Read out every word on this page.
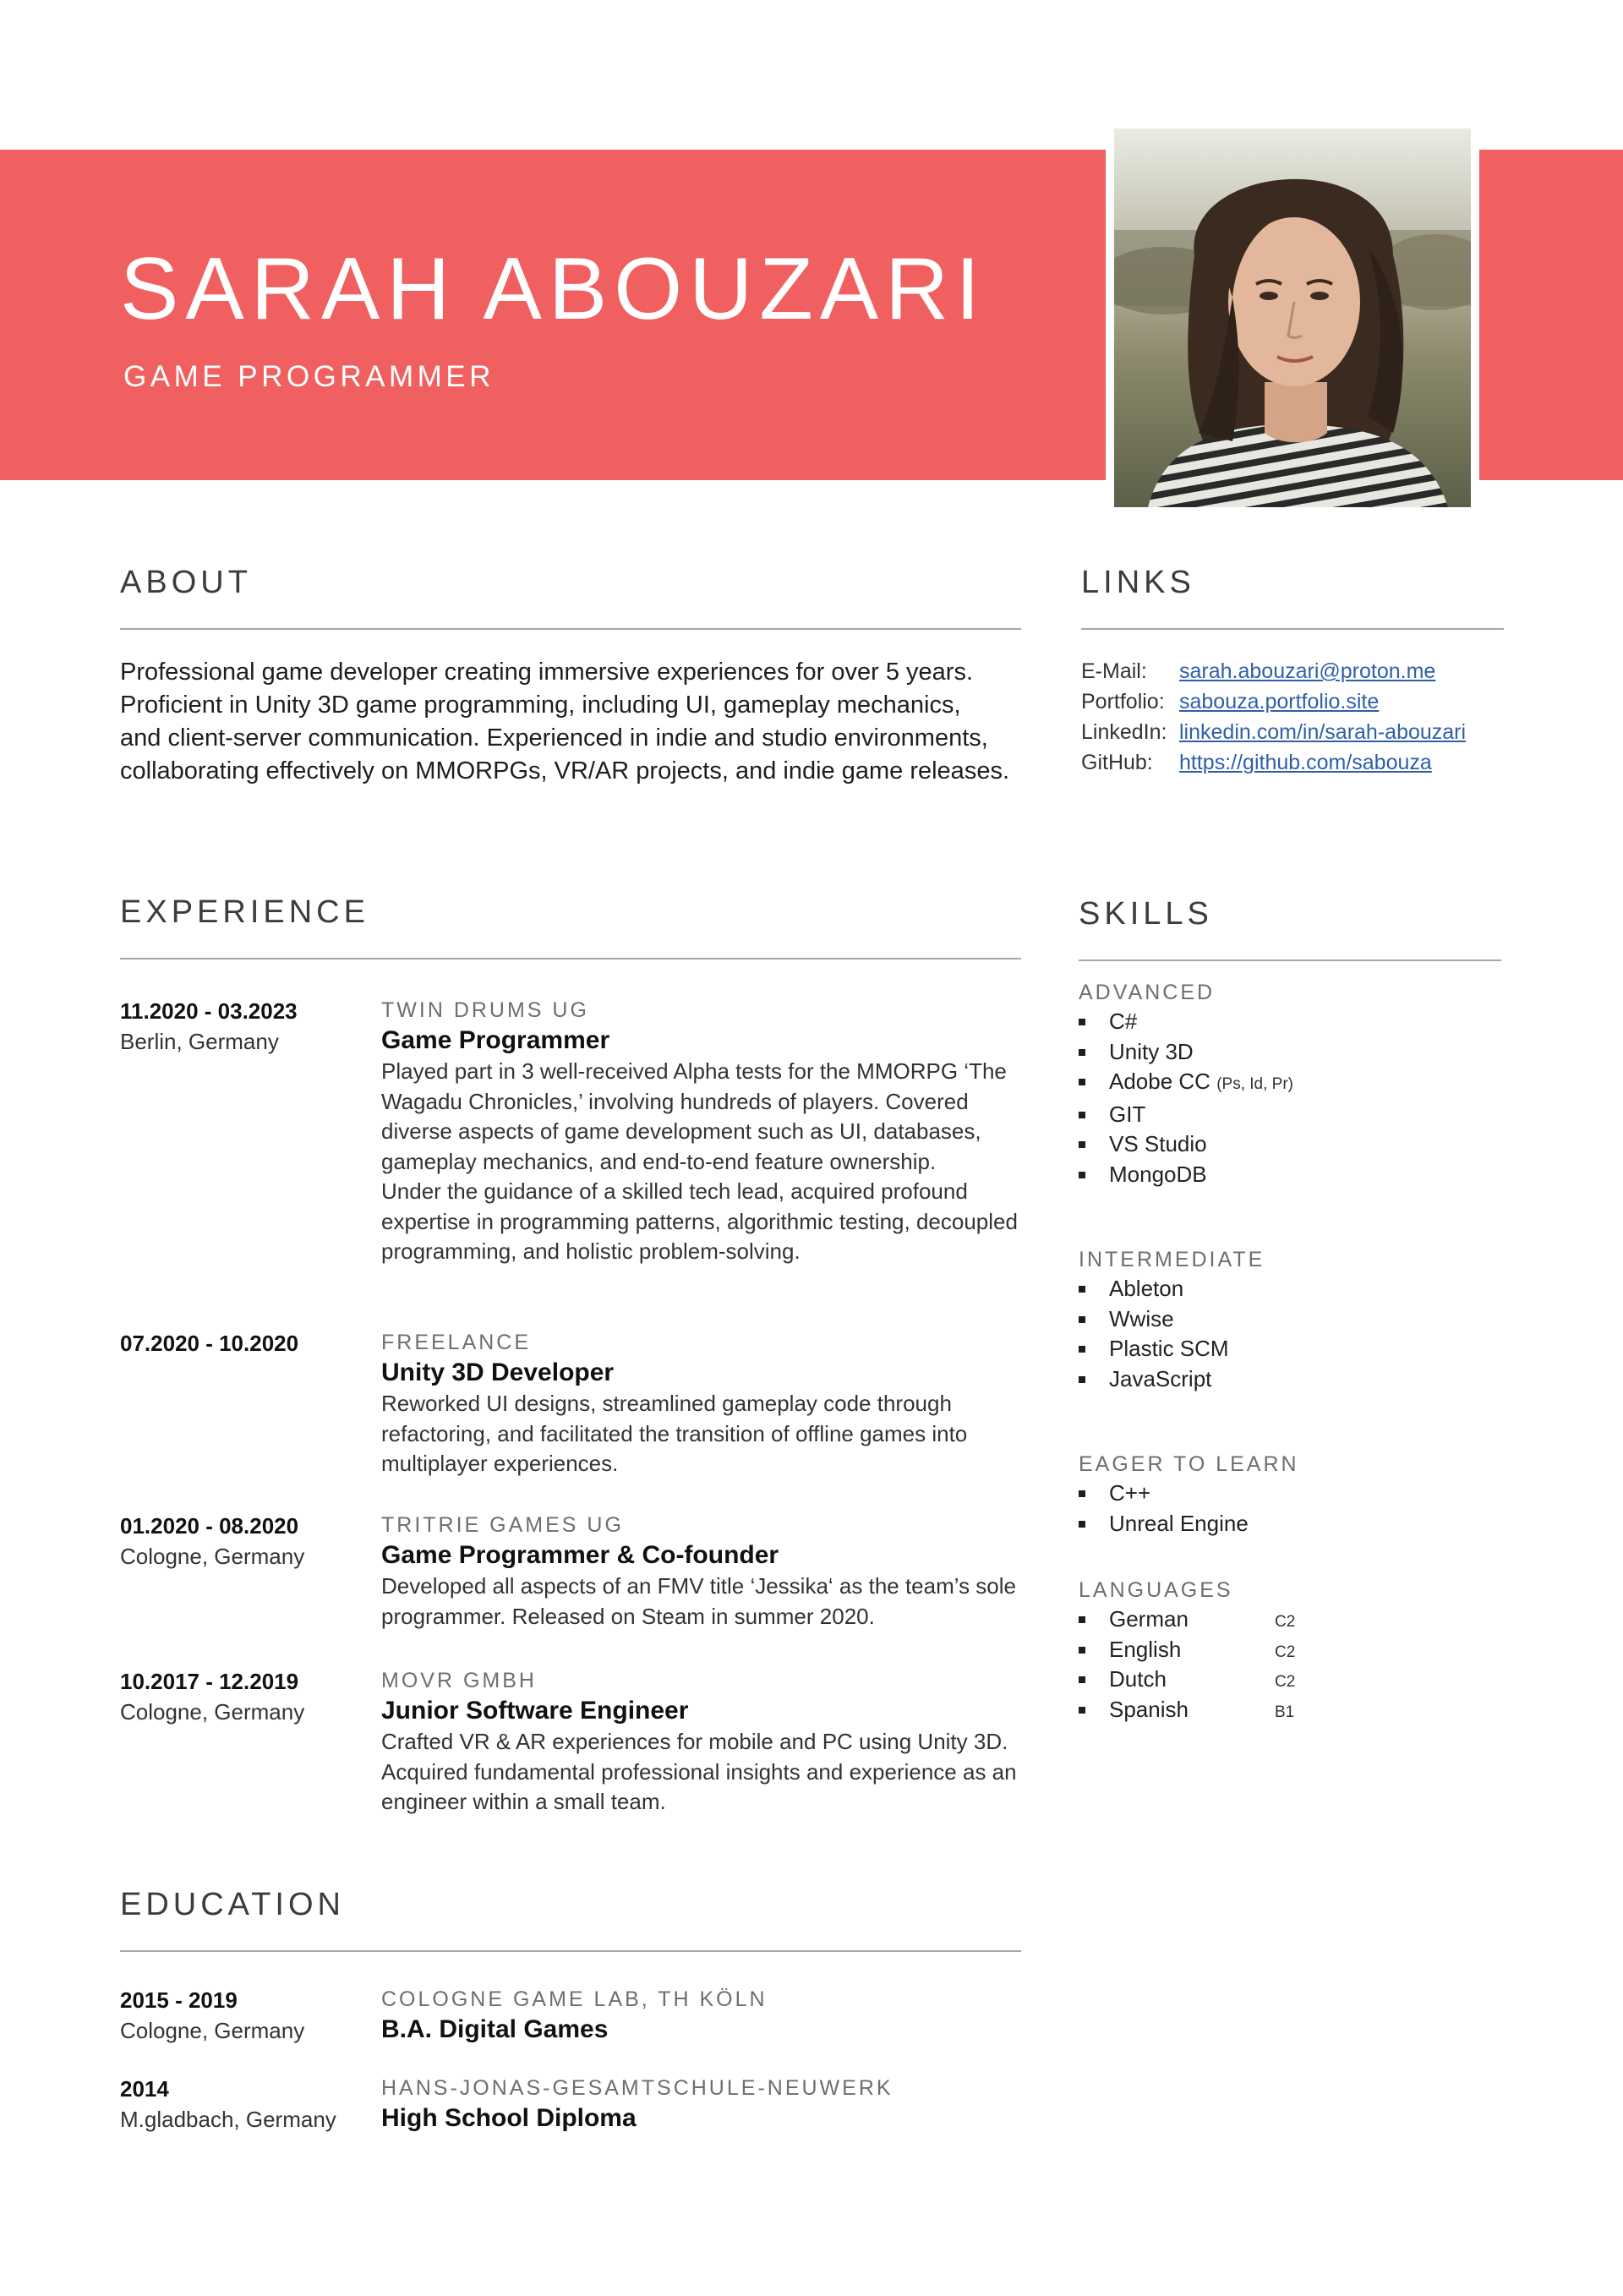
SARAH ABOUZARI
GAME PROGRAMMER
ABOUT
Professional game developer creating immersive experiences for over 5 years.
Proficient in Unity 3D game programming, including UI, gameplay mechanics,
and client-server communication. Experienced in indie and studio environments,
collaborating effectively on MMORPGs, VR/AR projects, and indie game releases.
LINKS
E-Mail:	sarah.abouzari@proton.me
Portfolio: sabouza.portfolio.site
LinkedIn: linkedin.com/in/sarah-abouzari
GitHub:	https://github.com/sabouza
EXPERIENCE
11.2020 - 03.2023
Berlin, Germany
TWIN DRUMS UG
Game Programmer

Played part in 3 well-received Alpha tests for the MMORPG ‘The Wagadu Chronicles,’ involving hundreds of players. Covered diverse aspects of game development such as UI, databases, gameplay mechanics, and end-to-end feature ownership.

Under the guidance of a skilled tech lead, acquired profound expertise in programming patterns, algorithmic testing, decoupled programming, and holistic problem-solving.

07.2020 - 10.2020	FREELANCE
Unity 3D Developer

Reworked UI designs, streamlined gameplay code through refactoring, and facilitated the transition of offline games into multiplayer experiences.

01.2020 - 08.2020
Cologne, Germany
TRITRIE GAMES UG
Game Programmer & Co-founder

Developed all aspects of an FMV title ‘Jessika‘ as the team’s sole programmer. Released on Steam in summer 2020.

10.2017 - 12.2019
Cologne, Germany
MOVR GMBH
Junior Software Engineer

Crafted VR & AR experiences for mobile and PC using Unity 3D. Acquired fundamental professional insights and experience as an engineer within a small team.

EDUCATION
2015 - 2019
Cologne, Germany
COLOGNE GAME LAB, TH KÖLN
B.A. Digital Games
2014
M.gladbach, Germany
HANS-JONAS-GESAMTSCHULE-NEUWERK
High School Diploma
SKILLS
ADVANCED
C#
Unity 3D
Adobe CC (Ps, Id, Pr)
GIT
VS Studio
MongoDB
INTERMEDIATE
Ableton
Wwise
Plastic SCM
JavaScript
EAGER TO LEARN
C++
Unreal Engine
LANGUAGES
German	C2
English	C2
Dutch	C2
Spanish	B1
